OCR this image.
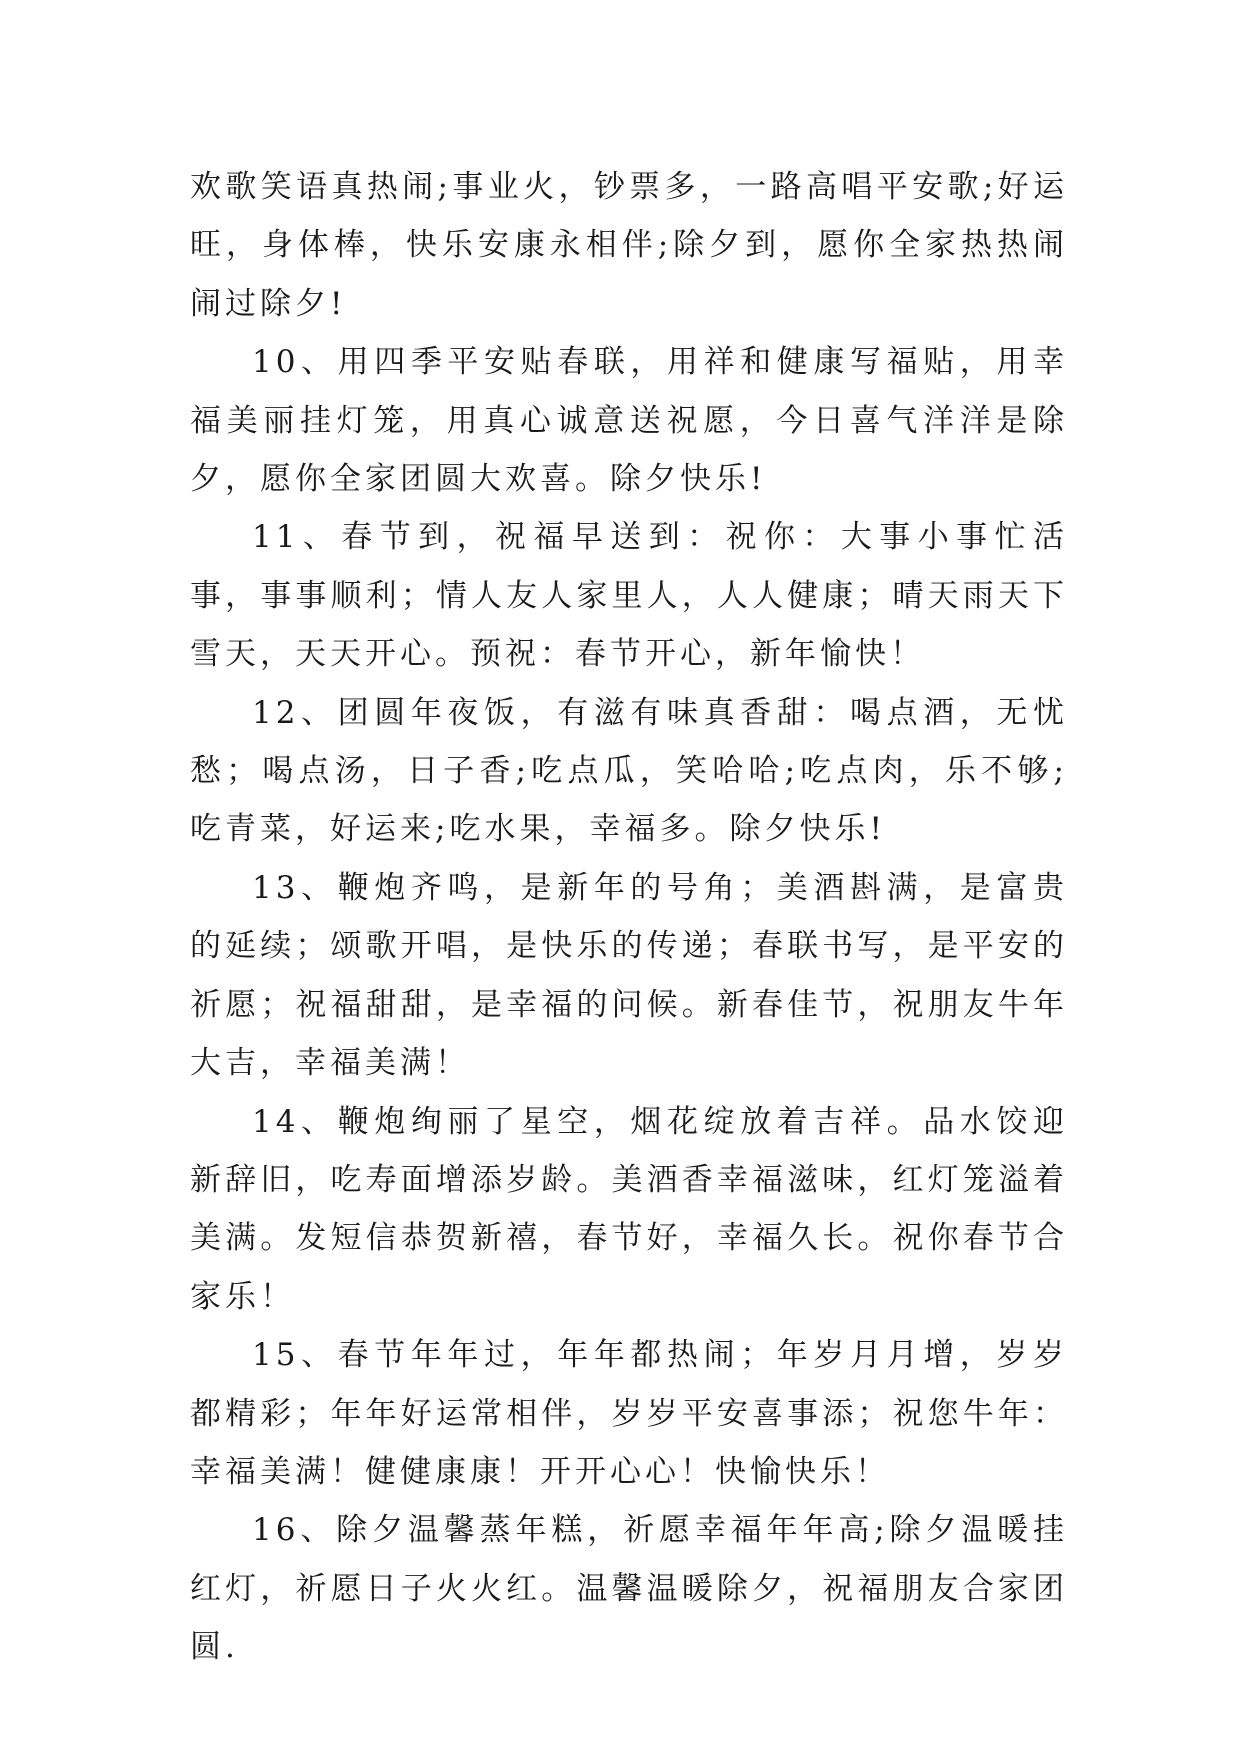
欢歌笑语真热闹;事业火，钞票多，一路高唱平安歌;好运旺，身体棒，快乐安康永相伴;除夕到，愿你全家热热闹闹过除夕!

10、用四季平安贴春联，用祥和健康写福贴，用幸福美丽挂灯笼，用真心诚意送祝愿，今日喜气洋洋是除夕，愿你全家团圆大欢喜。除夕快乐!

11、春节到，祝福早送到：祝你：大事小事忙活事，事事顺利；情人友人家里人，人人健康；晴天雨天下雪天，天天开心。预祝：春节开心，新年愉快！

12、团圆年夜饭，有滋有味真香甜：喝点酒，无忧愁；喝点汤，日子香;吃点瓜，笑哈哈;吃点肉，乐不够;吃青菜，好运来;吃水果，幸福多。除夕快乐!

13、鞭炮齐鸣，是新年的号角；美酒斟满，是富贵的延续；颂歌开唱，是快乐的传递；春联书写，是平安的祈愿；祝福甜甜，是幸福的问候。新春佳节，祝朋友牛年大吉，幸福美满！

14、鞭炮绚丽了星空，烟花绽放着吉祥。品水饺迎新辞旧，吃寿面增添岁龄。美酒香幸福滋味，红灯笼溢着美满。发短信恭贺新禧，春节好，幸福久长。祝你春节合家乐！

15、春节年年过，年年都热闹；年岁月月增，岁岁都精彩；年年好运常相伴，岁岁平安喜事添；祝您牛年：幸福美满！健健康康！开开心心！快愉快乐！

16、除夕温馨蒸年糕，祈愿幸福年年高;除夕温暖挂红灯，祈愿日子火火红。温馨温暖除夕，祝福朋友合家团圆.
